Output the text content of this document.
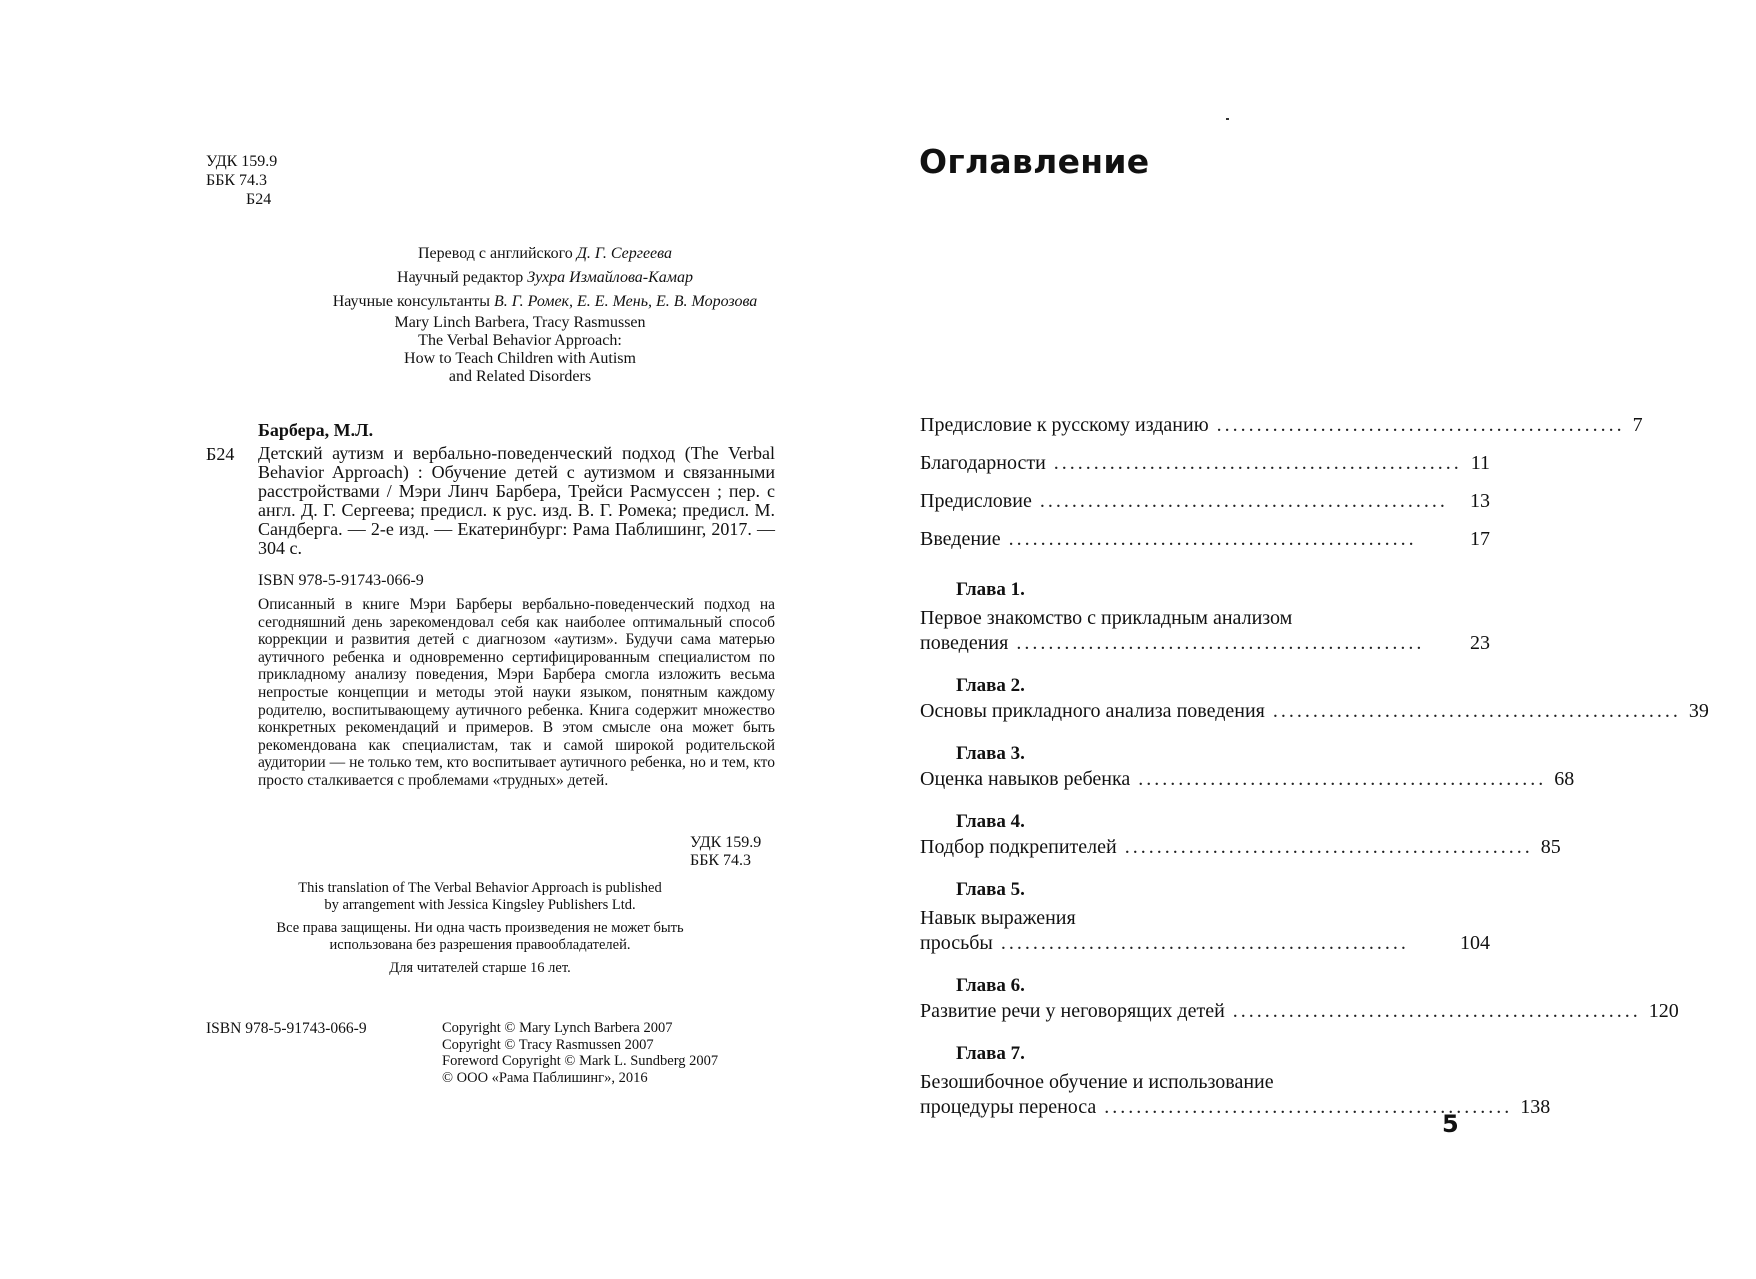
УДК 159.9
ББК 74.3
Б24
Перевод с английского Д. Г. Сергеева
Научный редактор Зухра Измайлова-Камар
Научные консультанты В. Г. Ромек, Е. Е. Мень, Е. В. Морозова
Mary Linch Barbera, Tracy Rasmussen
The Verbal Behavior Approach:
How to Teach Children with Autism
and Related Disorders
Барбера, М.Л.
Б24 Детский аутизм и вербально-поведенческий подход (The Verbal Behavior Approach) : Обучение детей с аутизмом и связанными расстройствами / Мэри Линч Барбера, Трейси Расмуссен ; пер. с англ. Д. Г. Сергеева; предисл. к рус. изд. В. Г. Ромека; предисл. М. Сандберга. — 2-е изд. — Екатеринбург: Рама Паблишинг, 2017. — 304 с.
ISBN 978-5-91743-066-9
Описанный в книге Мэри Барберы вербально-поведенческий подход на сегодняшний день зарекомендовал себя как наиболее оптимальный способ коррекции и развития детей с диагнозом «аутизм». Будучи сама матерью аутичного ребенка и одновременно сертифицированным специалистом по прикладному анализу поведения, Мэри Барбера смогла изложить весьма непростые концепции и методы этой науки языком, понятным каждому родителю, воспитывающему аутичного ребенка. Книга содержит множество конкретных рекомендаций и примеров. В этом смысле она может быть рекомендована как специалистам, так и самой широкой родительской аудитории — не только тем, кто воспитывает аутичного ребенка, но и тем, кто просто сталкивается с проблемами «трудных» детей.
УДК 159.9
ББК 74.3
This translation of The Verbal Behavior Approach is published
by arrangement with Jessica Kingsley Publishers Ltd.
Все права защищены. Ни одна часть произведения не может быть
использована без разрешения правообладателей.
Для читателей старше 16 лет.
ISBN 978-5-91743-066-9	Copyright © Mary Lynch Barbera 2007
Copyright © Tracy Rasmussen 2007
Foreword Copyright © Mark L. Sundberg 2007
© ООО «Рама Паблишинг», 2016
Оглавление
Предисловие к русскому изданию ................................................... 7
Благодарности ................................................... 11
Предисловие ...................................................	13
Введение ...................................................	17
Глава 1.
Первое знакомство с прикладным анализом
поведения ...................................................	23
Глава 2.
Основы прикладного анализа поведения ................................................... 39
Глава 3.
Оценка навыков ребенка ................................................... 68
Глава 4.
Подбор подкрепителей ................................................... 85
Глава 5.
Навык выражения
просьбы ...................................................	104
Глава 6.
Развитие речи у неговорящих детей ................................................... 120
Глава 7.
Безошибочное обучение и использование
процедуры переноса ................................................... 138
5
